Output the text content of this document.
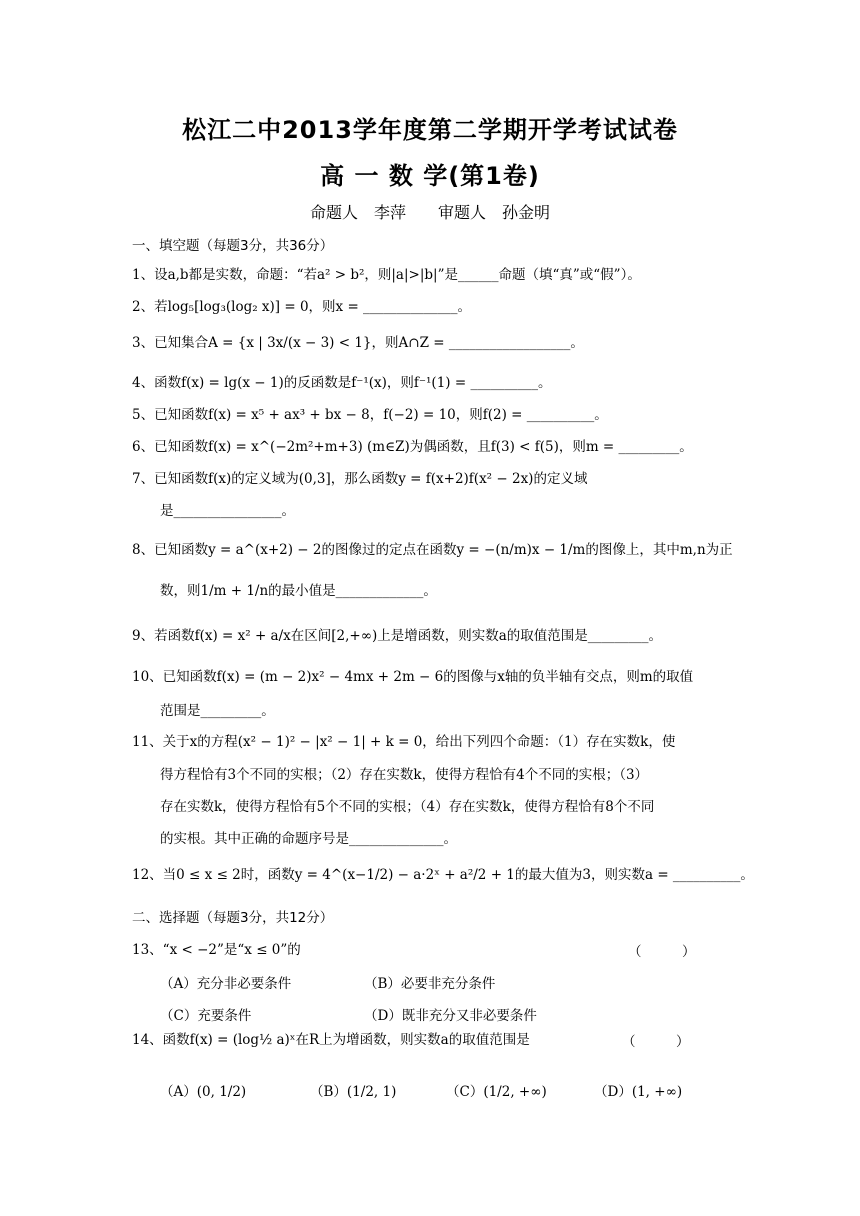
松江二中2013学年度第二学期开学考试试卷
高 一 数 学(第1卷)
命题人　李萍　　审题人　孙金明
一、填空题（每题3分，共36分）
1、设a,b都是实数，命题：“若a² > b²，则|a|>|b|”是______命题（填“真”或“假”）。
2、若log₅[log₃(log₂ x)] = 0，则x = ______________。
3、已知集合A = {x | 3x/(x − 3) < 1}，则A∩Z = __________________。
4、函数f(x) = lg(x − 1)的反函数是f⁻¹(x)，则f⁻¹(1) = __________。
5、已知函数f(x) = x⁵ + ax³ + bx − 8，f(−2) = 10，则f(2) = __________。
6、已知函数f(x) = x^(−2m²+m+3) (m∈Z)为偶函数，且f(3) < f(5)，则m = _________。
7、已知函数f(x)的定义域为(0,3]，那么函数y = f(x+2)f(x² − 2x)的定义域
是________________。
8、已知函数y = a^(x+2) − 2的图像过的定点在函数y = −(n/m)x − 1/m的图像上，其中m,n为正
数，则1/m + 1/n的最小值是_____________。
9、若函数f(x) = x² + a/x在区间[2,+∞)上是增函数，则实数a的取值范围是_________。
10、已知函数f(x) = (m − 2)x² − 4mx + 2m − 6的图像与x轴的负半轴有交点，则m的取值
范围是_________。
11、关于x的方程(x² − 1)² − |x² − 1| + k = 0，给出下列四个命题：（1）存在实数k，使
得方程恰有3个不同的实根；（2）存在实数k，使得方程恰有4个不同的实根；（3）
存在实数k，使得方程恰有5个不同的实根；（4）存在实数k，使得方程恰有8个不同
的实根。其中正确的命题序号是______________。
12、当0 ≤ x ≤ 2时，函数y = 4^(x−1/2) − a·2ˣ + a²/2 + 1的最大值为3，则实数a = __________。
二、选择题（每题3分，共12分）
13、“x < −2”是“x ≤ 0”的	（　　　）
（A）充分非必要条件	（B）必要非充分条件
（C）充要条件	（D）既非充分又非必要条件
14、函数f(x) = (log½ a)ˣ在R上为增函数，则实数a的取值范围是	（　　　）
（A）(0, 1/2)	（B）(1/2, 1)	（C）(1/2, +∞)	（D）(1, +∞)
